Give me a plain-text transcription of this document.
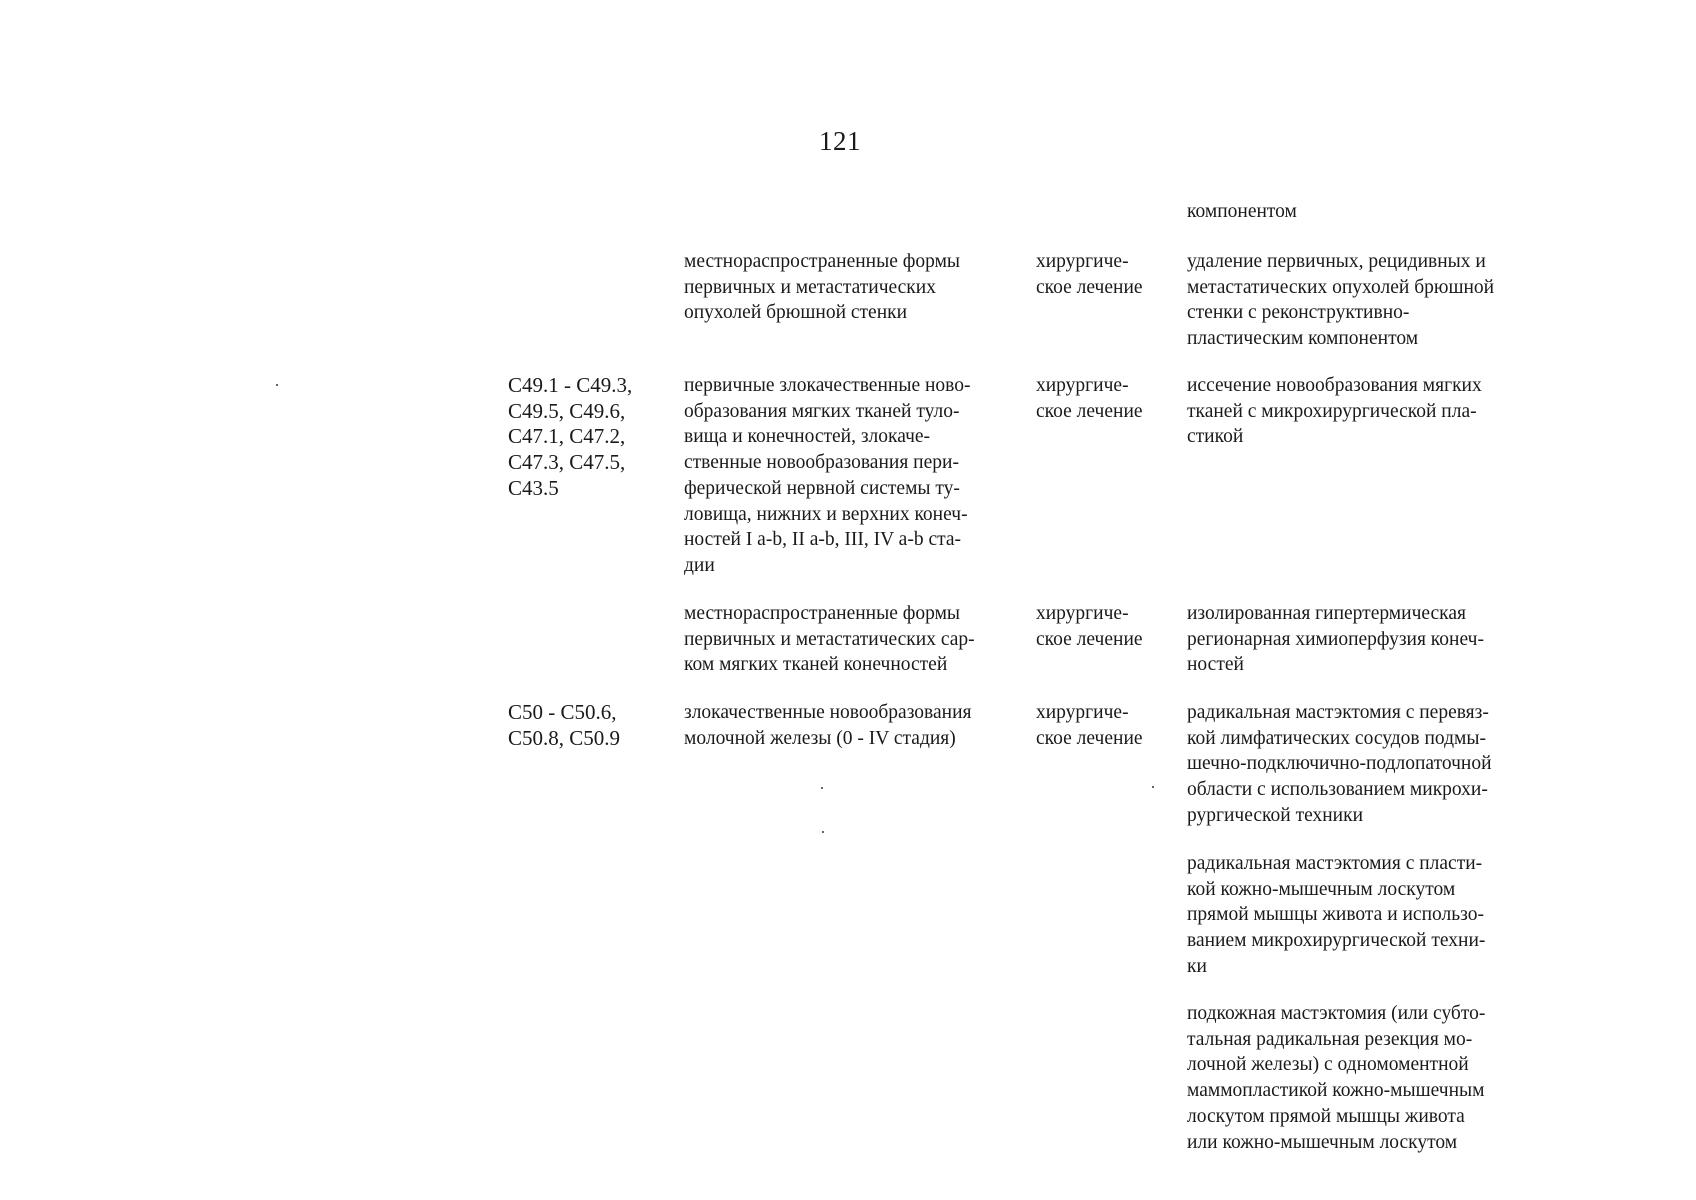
121
компонентом
местнораспространенные формы
первичных и метастатических
опухолей брюшной стенки
хирургиче-
ское лечение
удаление первичных, рецидивных и
метастатических опухолей брюшной
стенки с реконструктивно-
пластическим компонентом
C49.1 - C49.3,
C49.5, C49.6,
C47.1, C47.2,
C47.3, C47.5,
C43.5
первичные злокачественные ново-
образования мягких тканей туло-
вища и конечностей, злокаче-
ственные новообразования пери-
ферической нервной системы ту-
ловища, нижних и верхних конеч-
ностей I a-b, II a-b, III, IV a-b ста-
дии
хирургиче-
ское лечение
иссечение новообразования мягких
тканей с микрохирургической пла-
стикой
местнораспространенные формы
первичных и метастатических сар-
ком мягких тканей конечностей
хирургиче-
ское лечение
изолированная гипертермическая
регионарная химиоперфузия конеч-
ностей
C50 - C50.6,
C50.8, C50.9
злокачественные новообразования
молочной железы (0 - IV стадия)
хирургиче-
ское лечение
радикальная мастэктомия с перевяз-
кой лимфатических сосудов подмы-
шечно-подключично-подлопаточной
области с использованием микрохи-
рургической техники
радикальная мастэктомия с пласти-
кой кожно-мышечным лоскутом
прямой мышцы живота и использо-
ванием микрохирургической техни-
ки
подкожная мастэктомия (или субто-
тальная радикальная резекция мо-
лочной железы) с одномоментной
маммопластикой кожно-мышечным
лоскутом прямой мышцы живота
или кожно-мышечным лоскутом
